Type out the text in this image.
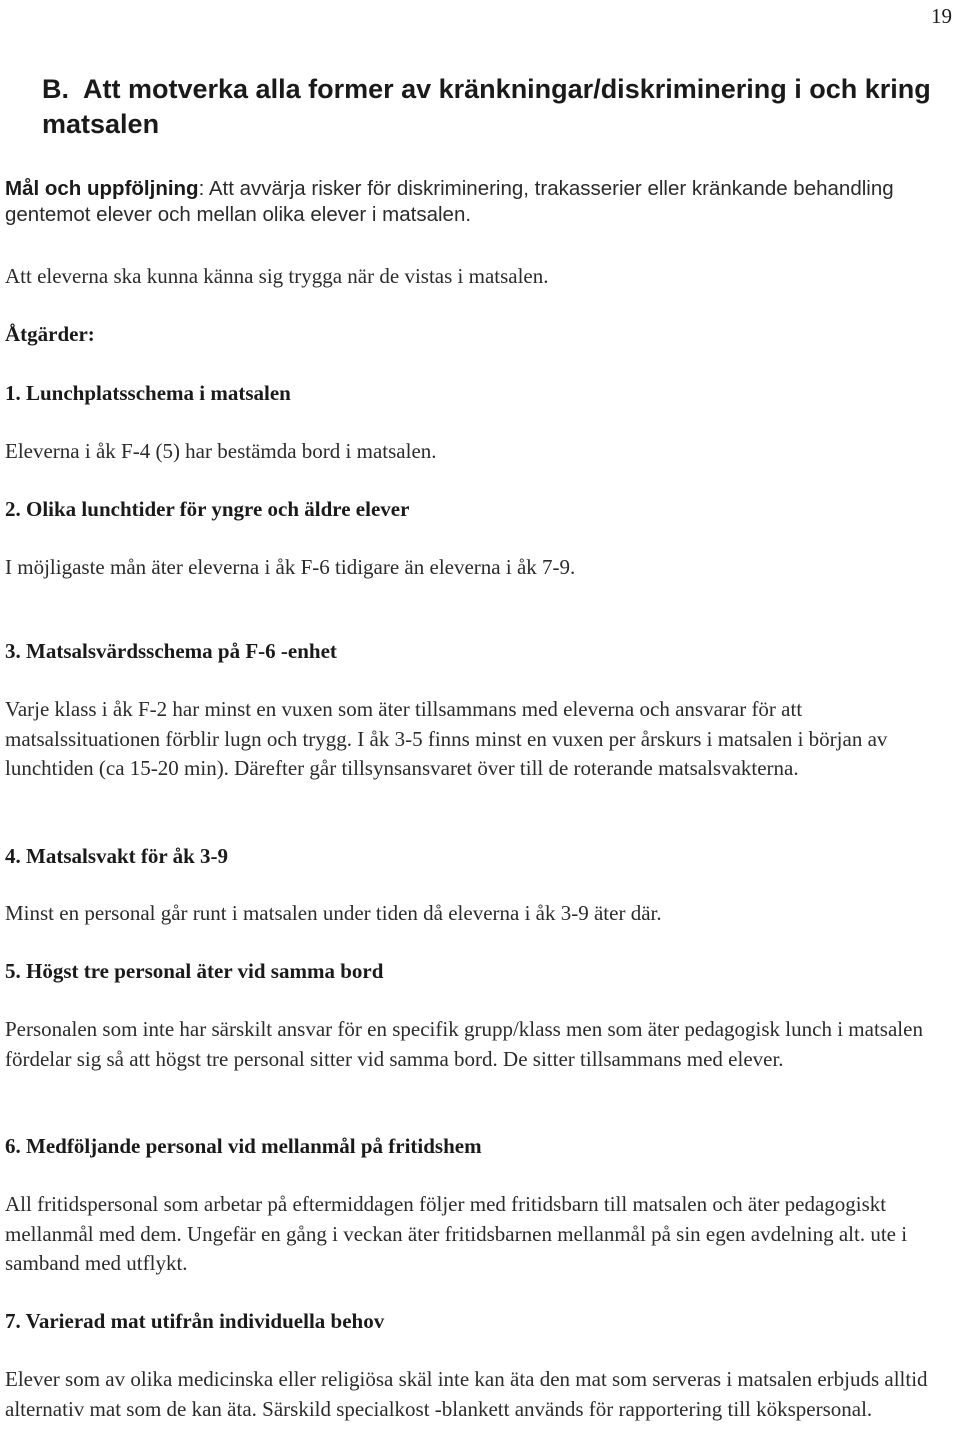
19
B. Att motverka alla former av kränkningar/diskriminering i och kring matsalen

Mål och uppföljning: Att avvärja risker för diskriminering, trakasserier eller kränkande behandling gentemot elever och mellan olika elever i matsalen.

Att eleverna ska kunna känna sig trygga när de vistas i matsalen.

Åtgärder:

1. Lunchplatsschema i matsalen

Eleverna i åk F-4 (5) har bestämda bord i matsalen.

2. Olika lunchtider för yngre och äldre elever

I möjligaste mån äter eleverna i åk F-6 tidigare än eleverna i åk 7-9.

3. Matsalsvärdsschema på F-6 -enhet

Varje klass i åk F-2 har minst en vuxen som äter tillsammans med eleverna och ansvarar för att matsalssituationen förblir lugn och trygg. I åk 3-5 finns minst en vuxen per årskurs i matsalen i början av lunchtiden (ca 15-20 min). Därefter går tillsynsansvaret över till de roterande matsalsvakterna.

4. Matsalsvakt för åk 3-9

Minst en personal går runt i matsalen under tiden då eleverna i åk 3-9 äter där.

5. Högst tre personal äter vid samma bord

Personalen som inte har särskilt ansvar för en specifik grupp/klass men som äter pedagogisk lunch i matsalen fördelar sig så att högst tre personal sitter vid samma bord. De sitter tillsammans med elever.

6. Medföljande personal vid mellanmål på fritidshem

All fritidspersonal som arbetar på eftermiddagen följer med fritidsbarn till matsalen och äter pedagogiskt mellanmål med dem. Ungefär en gång i veckan äter fritidsbarnen mellanmål på sin egen avdelning alt. ute i samband med utflykt.

7. Varierad mat utifrån individuella behov

Elever som av olika medicinska eller religiösa skäl inte kan äta den mat som serveras i matsalen erbjuds alltid alternativ mat som de kan äta. Särskild specialkost -blankett används för rapportering till kökspersonal.
